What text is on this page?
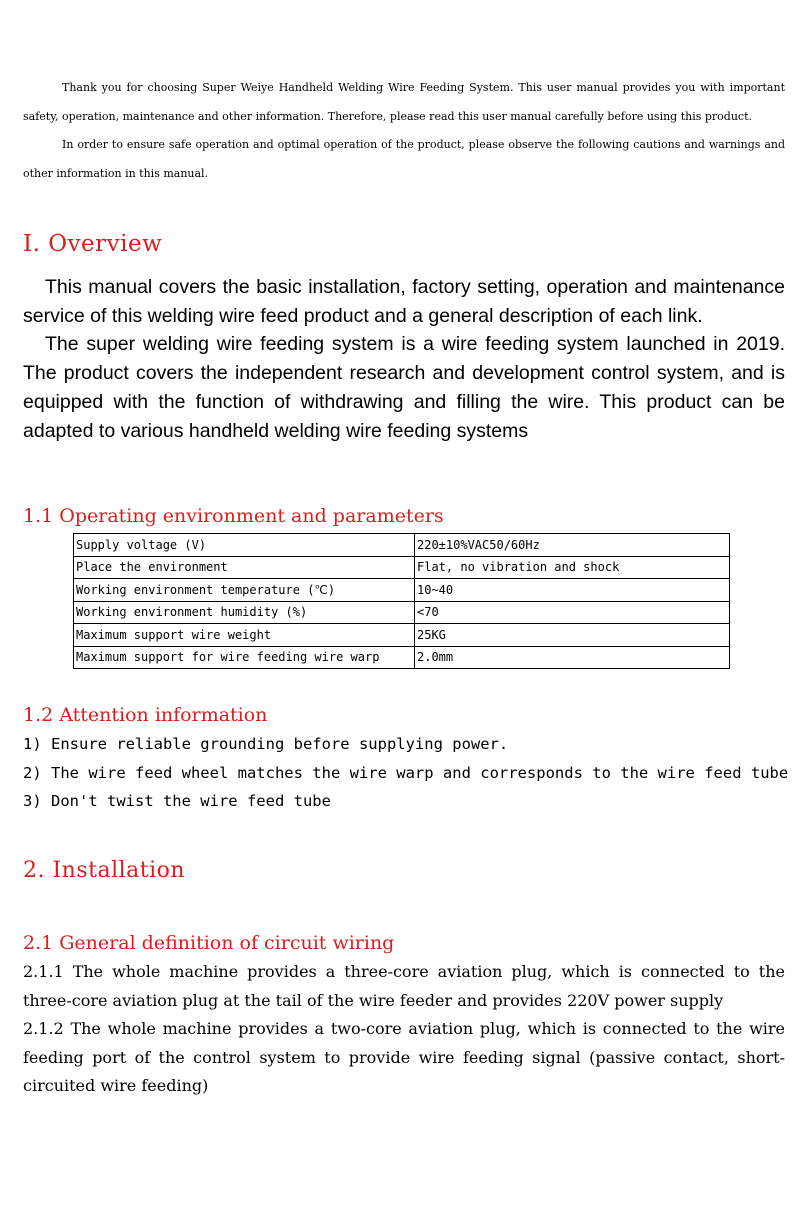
Thank you for choosing Super Weiye Handheld Welding Wire Feeding System. This user manual provides you with important safety, operation, maintenance and other information. Therefore, please read this user manual carefully before using this product.

In order to ensure safe operation and optimal operation of the product, please observe the following cautions and warnings and other information in this manual.

I. Overview

This manual covers the basic installation, factory setting, operation and maintenance service of this welding wire feed product and a general description of each link.

The super welding wire feeding system is a wire feeding system launched in 2019. The product covers the independent research and development control system, and is equipped with the function of withdrawing and filling the wire. This product can be adapted to various handheld welding wire feeding systems

1.1 Operating environment and parameters
Supply voltage (V)	220±10%VAC50/60Hz
Place the environment	Flat, no vibration and shock
Working environment temperature (℃)	10~40
Working environment humidity (%)	<70
Maximum support wire weight	25KG
Maximum support for wire feeding wire warp	2.0mm
1.2 Attention information
1) Ensure reliable grounding before supplying power.
2) The wire feed wheel matches the wire warp and corresponds to the wire feed tube
3) Don't twist the wire feed tube
2. Installation
2.1 General definition of circuit wiring

2.1.1 The whole machine provides a three-core aviation plug, which is connected to the three-core aviation plug at the tail of the wire feeder and provides 220V power supply

2.1.2 The whole machine provides a two-core aviation plug, which is connected to the wire feeding port of the control system to provide wire feeding signal (passive contact, short-circuited wire feeding)
